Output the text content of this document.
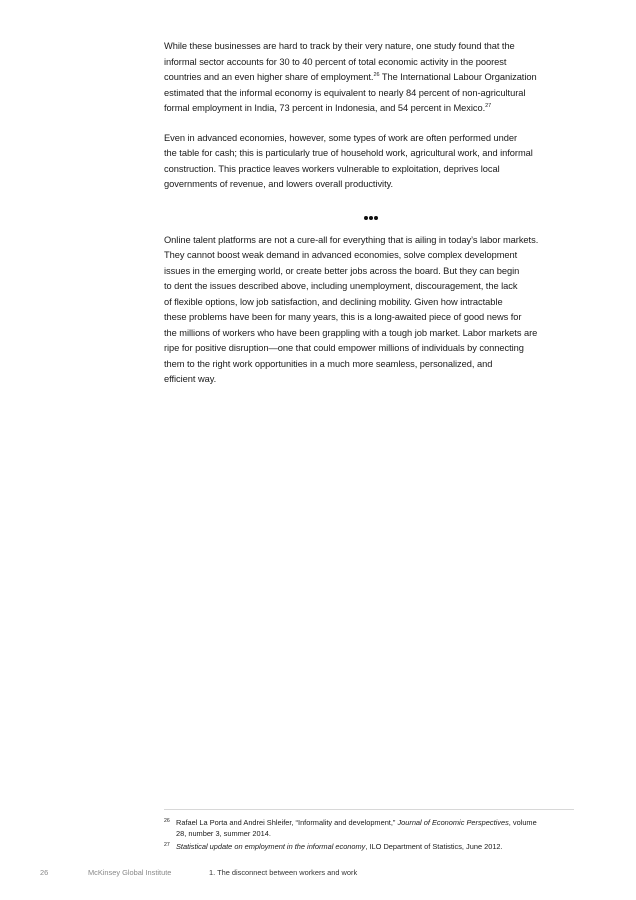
While these businesses are hard to track by their very nature, one study found that the
informal sector accounts for 30 to 40 percent of total economic activity in the poorest
countries and an even higher share of employment.$^{26}$ The International Labour Organization
estimated that the informal economy is equivalent to nearly 84 percent of non-agricultural
formal employment in India, 73 percent in Indonesia, and 54 percent in Mexico.$^{27}$

Even in advanced economies, however, some types of work are often performed under
the table for cash; this is particularly true of household work, agricultural work, and informal
construction. This practice leaves workers vulnerable to exploitation, deprives local
governments of revenue, and lowers overall productivity.

Online talent platforms are not a cure-all for everything that is ailing in today’s labor markets.
They cannot boost weak demand in advanced economies, solve complex development
issues in the emerging world, or create better jobs across the board. But they can begin
to dent the issues described above, including unemployment, discouragement, the lack
of flexible options, low job satisfaction, and declining mobility. Given how intractable
these problems have been for many years, this is a long-awaited piece of good news for
the millions of workers who have been grappling with a tough job market. Labor markets are
ripe for positive disruption—one that could empower millions of individuals by connecting
them to the right work opportunities in a much more seamless, personalized, and
efficient way.

26 Rafael La Porta and Andrei Shleifer, “Informality and development,” Journal of Economic Perspectives, volume
28, number 3, summer 2014.
27 Statistical update on employment in the informal economy, ILO Department of Statistics, June 2012.
26	McKinsey Global Institute	1. The disconnect between workers and work
